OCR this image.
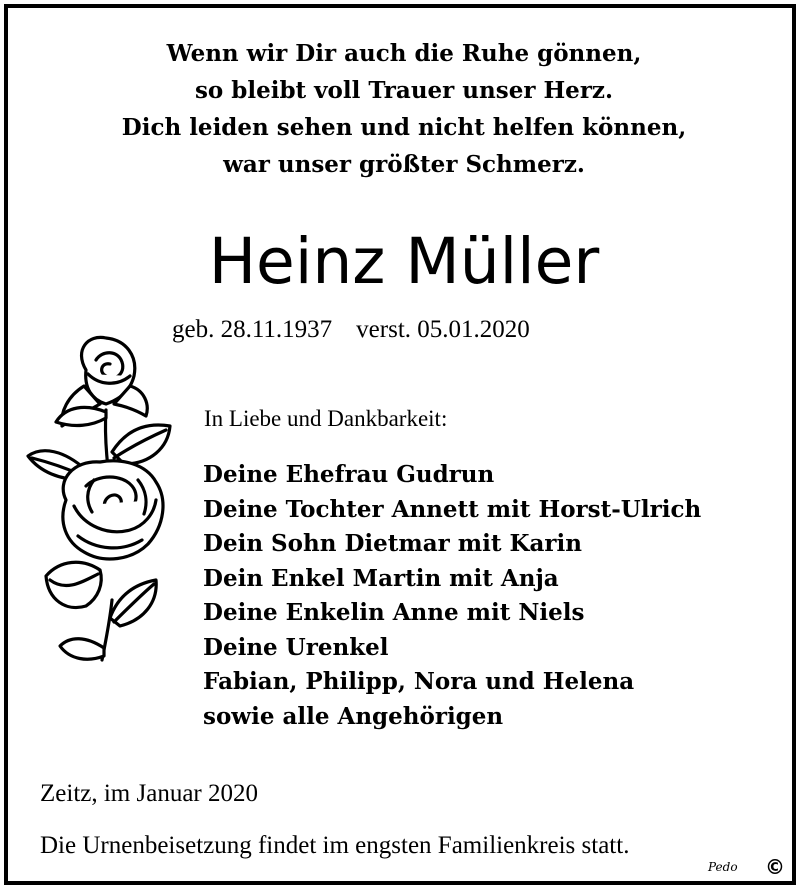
Wenn wir Dir auch die Ruhe gönnen,
so bleibt voll Trauer unser Herz.
Dich leiden sehen und nicht helfen können,
war unser größter Schmerz.
Heinz Müller
geb. 28.11.1937 verst. 05.01.2020
In Liebe und Dankbarkeit:
Deine Ehefrau Gudrun
Deine Tochter Annett mit Horst-Ulrich
Dein Sohn Dietmar mit Karin
Dein Enkel Martin mit Anja
Deine Enkelin Anne mit Niels
Deine Urenkel
Fabian, Philipp, Nora und Helena
sowie alle Angehörigen
Zeitz, im Januar 2020
Die Urnenbeisetzung findet im engsten Familienkreis statt.
Pedo ©
